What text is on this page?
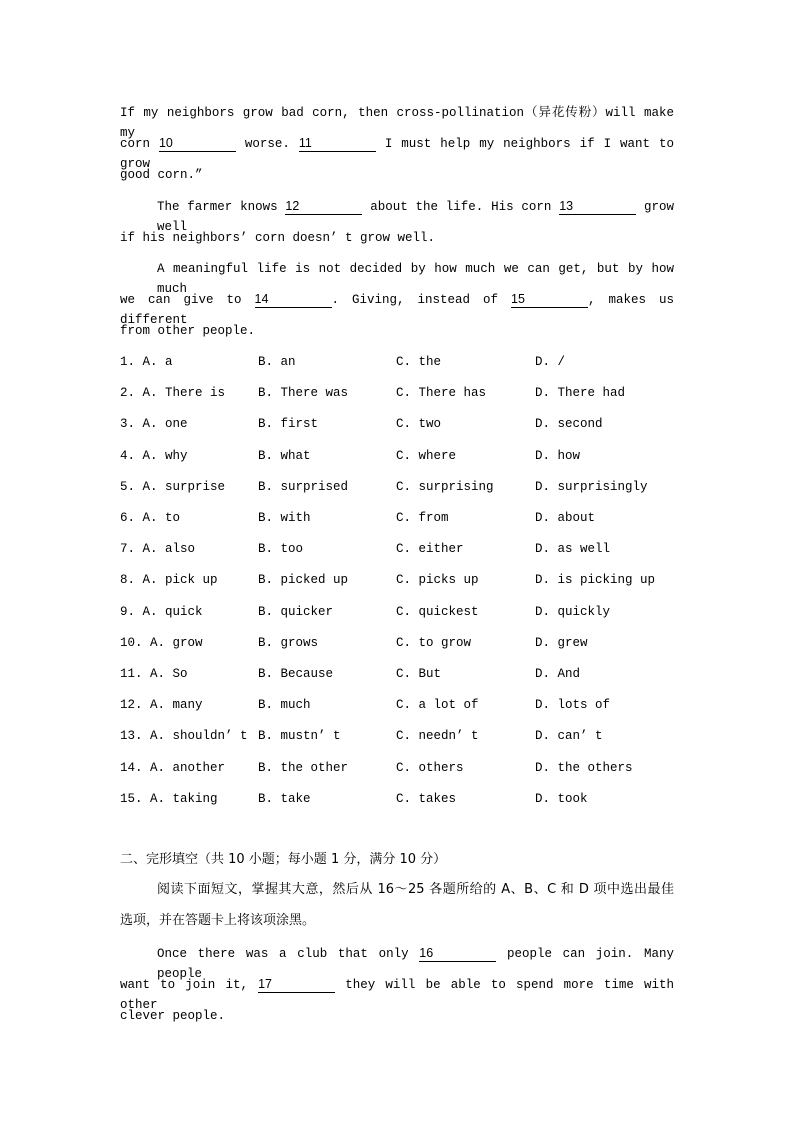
If my neighbors grow bad corn, then cross-pollination（异花传粉）will make my
corn 10	worse. 11	I must help my neighbors if I want to grow
good corn.”
The farmer knows 12	about the life. His corn 13	grow well
if his neighbors’ corn doesn’ t grow well.
A meaningful life is not decided by how much we can get, but by how much
we can give to 14	. Giving, instead of 15	, makes us different
from other people.
1. A. a	B. an	C. the	D. /
2. A. There is	B. There was	C. There has	D. There had
3. A. one	B. first	C. two	D. second
4. A. why	B. what	C. where	D. how
5. A. surprise	B. surprised	C. surprising	D. surprisingly
6. A. to	B. with	C. from	D. about
7. A. also	B. too	C. either	D. as well
8. A. pick up	B. picked up	C. picks up	D. is picking up
9. A. quick	B. quicker	C. quickest	D. quickly
10. A. grow	B. grows	C. to grow	D. grew
11. A. So	B. Because	C. But	D. And
12. A. many	B. much	C. a lot of	D. lots of
13. A. shouldn’ t B. mustn’ t	C. needn’ t	D. can’ t
14. A. another	B. the other	C. others	D. the others
15. A. taking	B. take	C. takes	D. took
二、完形填空（共 10 小题；每小题 1 分，满分 10 分）
阅读下面短文，掌握其大意，然后从 16～25 各题所给的 A、B、C 和 D 项中选出最佳
选项，并在答题卡上将该项涂黑。
Once there was a club that only 16	people can join. Many people
want to join it, 17	they will be able to spend more time with other
clever people.
